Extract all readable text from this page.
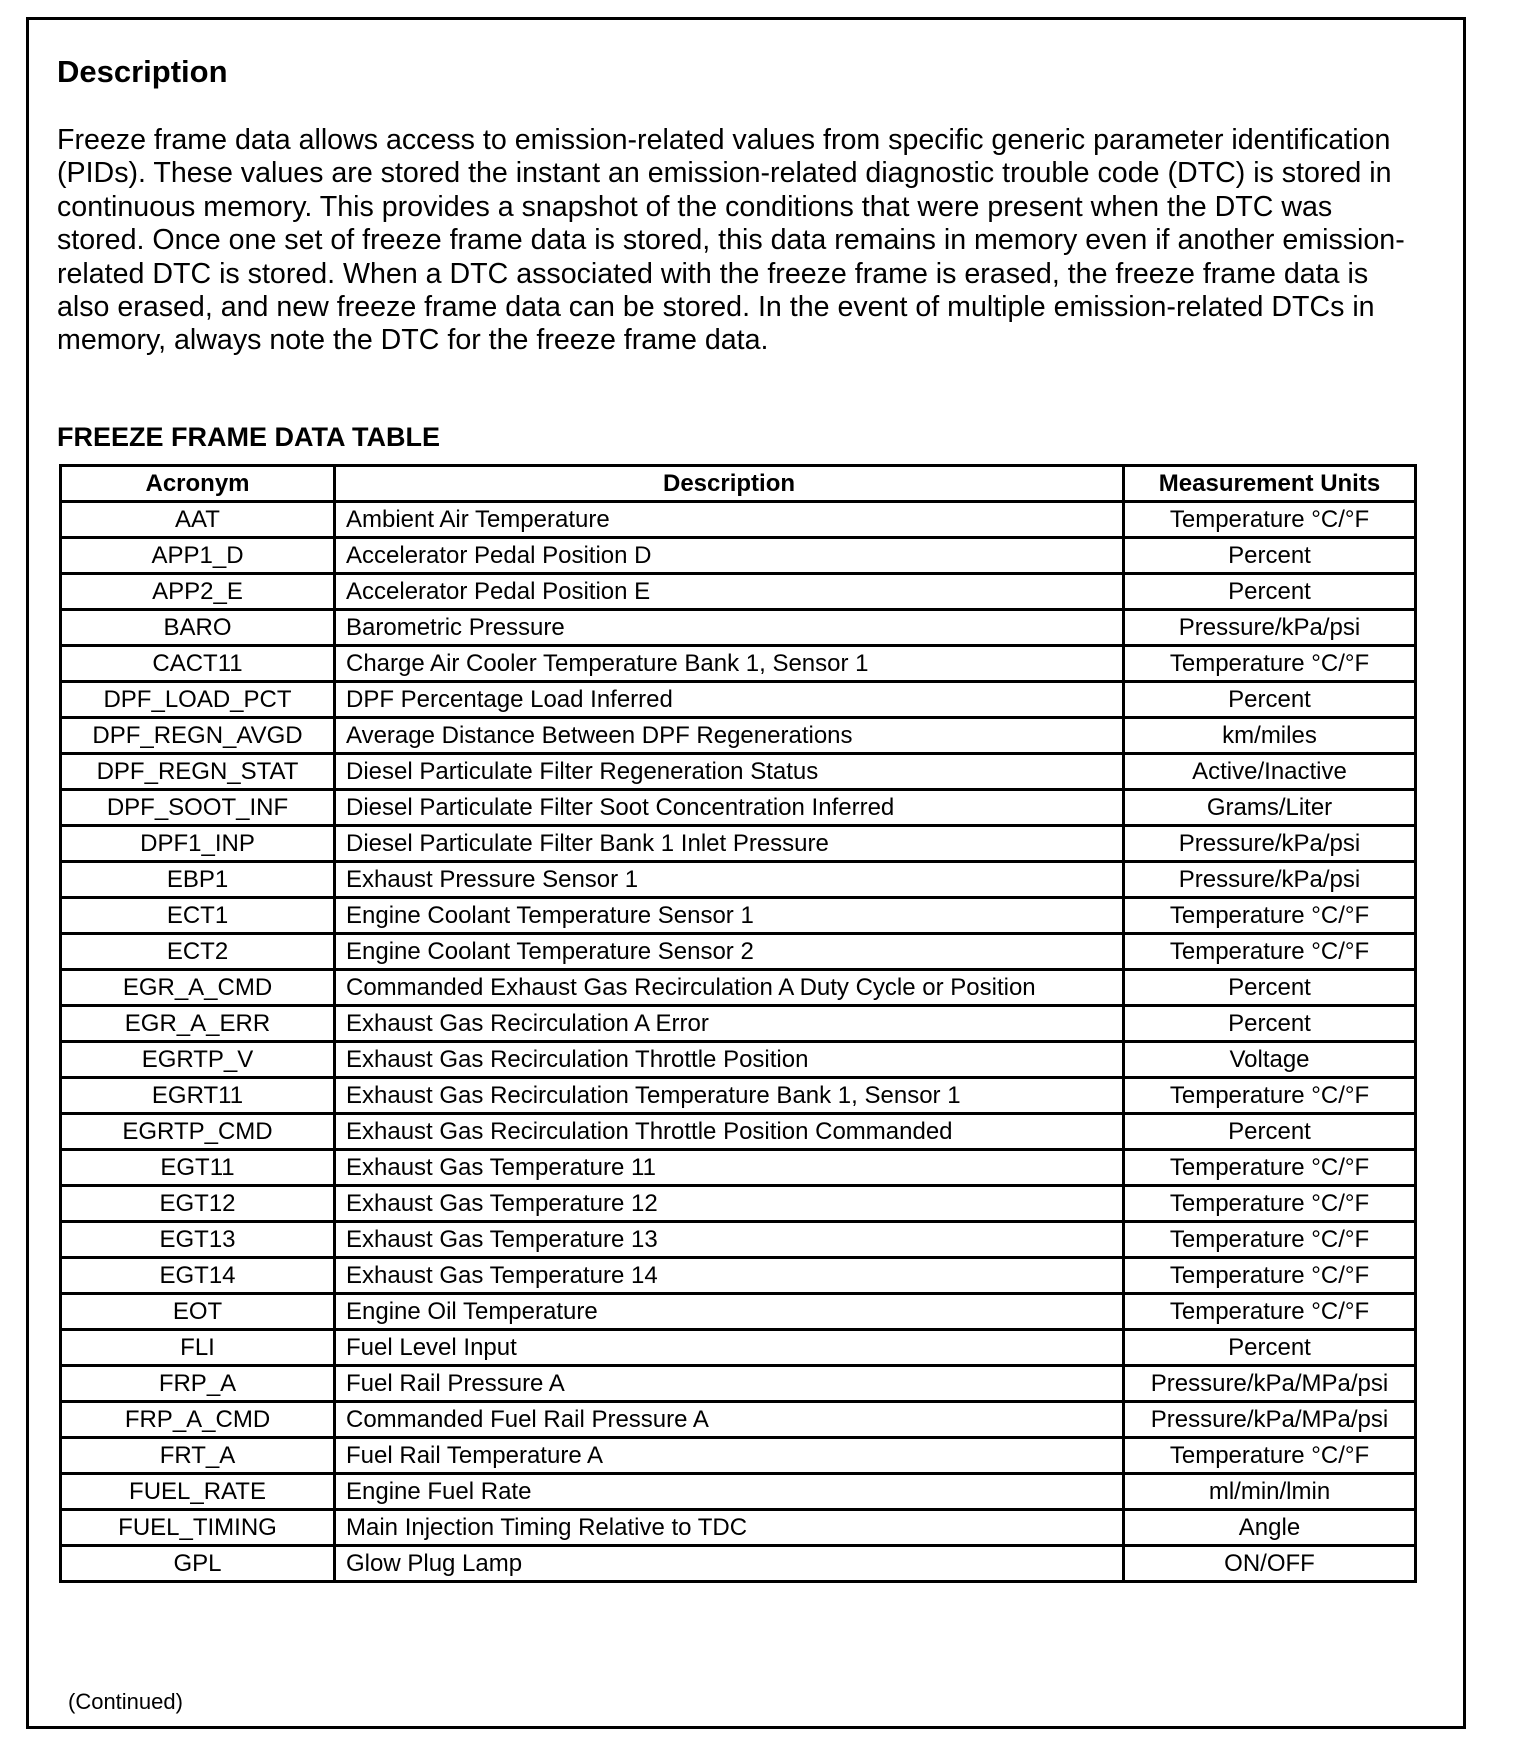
Description

Freeze frame data allows access to emission-related values from specific generic parameter identification (PIDs). These values are stored the instant an emission-related diagnostic trouble code (DTC) is stored in continuous memory. This provides a snapshot of the conditions that were present when the DTC was stored. Once one set of freeze frame data is stored, this data remains in memory even if another emission-related DTC is stored. When a DTC associated with the freeze frame is erased, the freeze frame data is also erased, and new freeze frame data can be stored. In the event of multiple emission-related DTCs in memory, always note the DTC for the freeze frame data.

FREEZE FRAME DATA TABLE
Acronym	Description	Measurement Units
AAT	Ambient Air Temperature	Temperature °C/°F
APP1_D	Accelerator Pedal Position D	Percent
APP2_E	Accelerator Pedal Position E	Percent
BARO	Barometric Pressure	Pressure/kPa/psi
CACT11	Charge Air Cooler Temperature Bank 1, Sensor 1	Temperature °C/°F
DPF_LOAD_PCT	DPF Percentage Load Inferred	Percent
DPF_REGN_AVGD	Average Distance Between DPF Regenerations	km/miles
DPF_REGN_STAT	Diesel Particulate Filter Regeneration Status	Active/Inactive
DPF_SOOT_INF	Diesel Particulate Filter Soot Concentration Inferred	Grams/Liter
DPF1_INP	Diesel Particulate Filter Bank 1 Inlet Pressure	Pressure/kPa/psi
EBP1	Exhaust Pressure Sensor 1	Pressure/kPa/psi
ECT1	Engine Coolant Temperature Sensor 1	Temperature °C/°F
ECT2	Engine Coolant Temperature Sensor 2	Temperature °C/°F
EGR_A_CMD	Commanded Exhaust Gas Recirculation A Duty Cycle or Position	Percent
EGR_A_ERR	Exhaust Gas Recirculation A Error	Percent
EGRTP_V	Exhaust Gas Recirculation Throttle Position	Voltage
EGRT11	Exhaust Gas Recirculation Temperature Bank 1, Sensor 1	Temperature °C/°F
EGRTP_CMD	Exhaust Gas Recirculation Throttle Position Commanded	Percent
EGT11	Exhaust Gas Temperature 11	Temperature °C/°F
EGT12	Exhaust Gas Temperature 12	Temperature °C/°F
EGT13	Exhaust Gas Temperature 13	Temperature °C/°F
EGT14	Exhaust Gas Temperature 14	Temperature °C/°F
EOT	Engine Oil Temperature	Temperature °C/°F
FLI	Fuel Level Input	Percent
FRP_A	Fuel Rail Pressure A	Pressure/kPa/MPa/psi
FRP_A_CMD	Commanded Fuel Rail Pressure A	Pressure/kPa/MPa/psi
FRT_A	Fuel Rail Temperature A	Temperature °C/°F
FUEL_RATE	Engine Fuel Rate	ml/min/lmin
FUEL_TIMING	Main Injection Timing Relative to TDC	Angle
GPL	Glow Plug Lamp	ON/OFF

(Continued)
